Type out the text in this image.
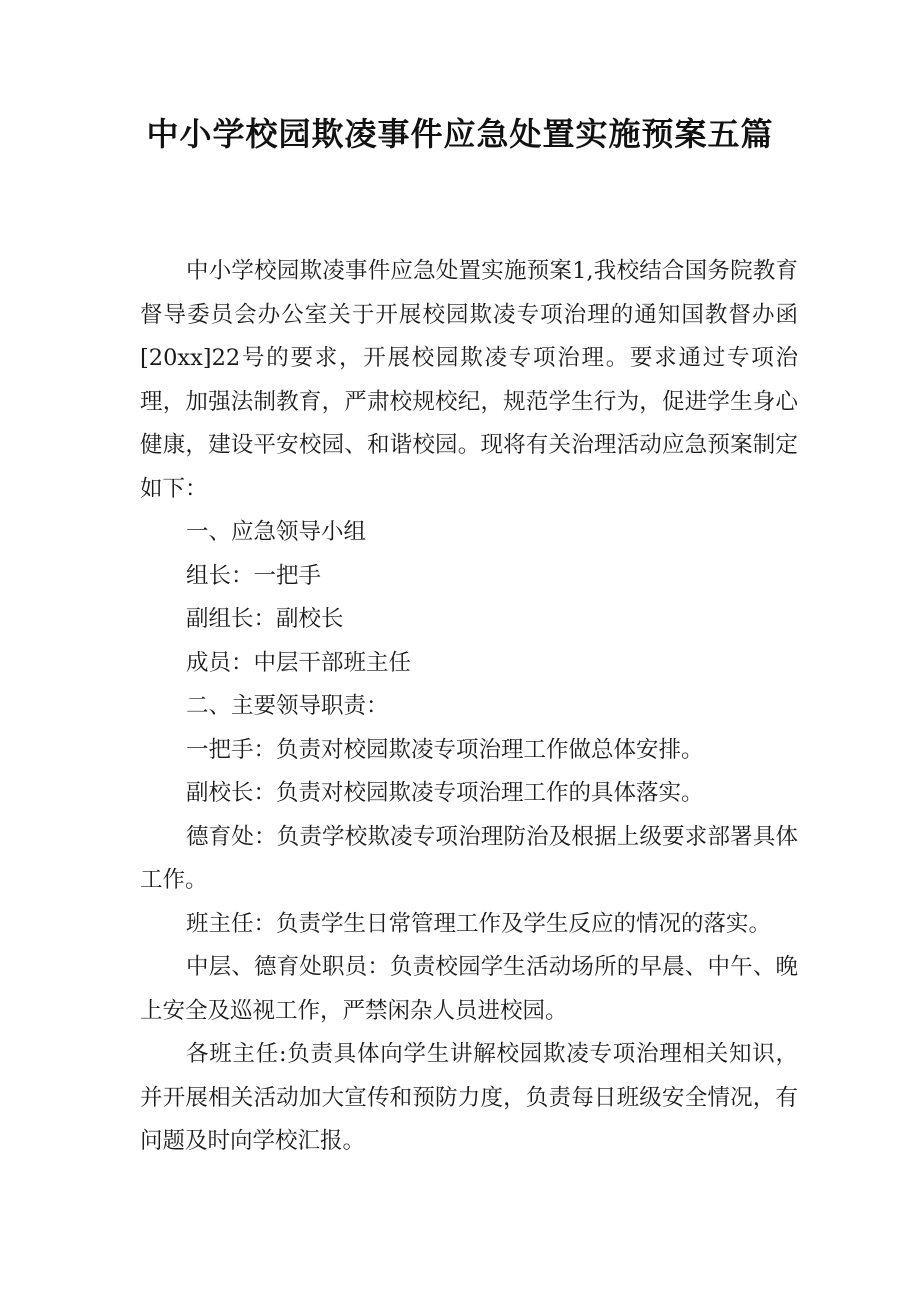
中小学校园欺凌事件应急处置实施预案五篇

中小学校园欺凌事件应急处置实施预案1,我校结合国务院教育督导委员会办公室关于开展校园欺凌专项治理的通知国教督办函[20xx]22号的要求，开展校园欺凌专项治理。要求通过专项治理，加强法制教育，严肃校规校纪，规范学生行为，促进学生身心健康，建设平安校园、和谐校园。现将有关治理活动应急预案制定如下：

一、应急领导小组

组长：一把手

副组长：副校长

成员：中层干部班主任

二、主要领导职责：

一把手：负责对校园欺凌专项治理工作做总体安排。

副校长：负责对校园欺凌专项治理工作的具体落实。

德育处：负责学校欺凌专项治理防治及根据上级要求部署具体工作。

班主任：负责学生日常管理工作及学生反应的情况的落实。

中层、德育处职员：负责校园学生活动场所的早晨、中午、晚上安全及巡视工作，严禁闲杂人员进校园。

各班主任:负责具体向学生讲解校园欺凌专项治理相关知识，并开展相关活动加大宣传和预防力度，负责每日班级安全情况，有问题及时向学校汇报。
